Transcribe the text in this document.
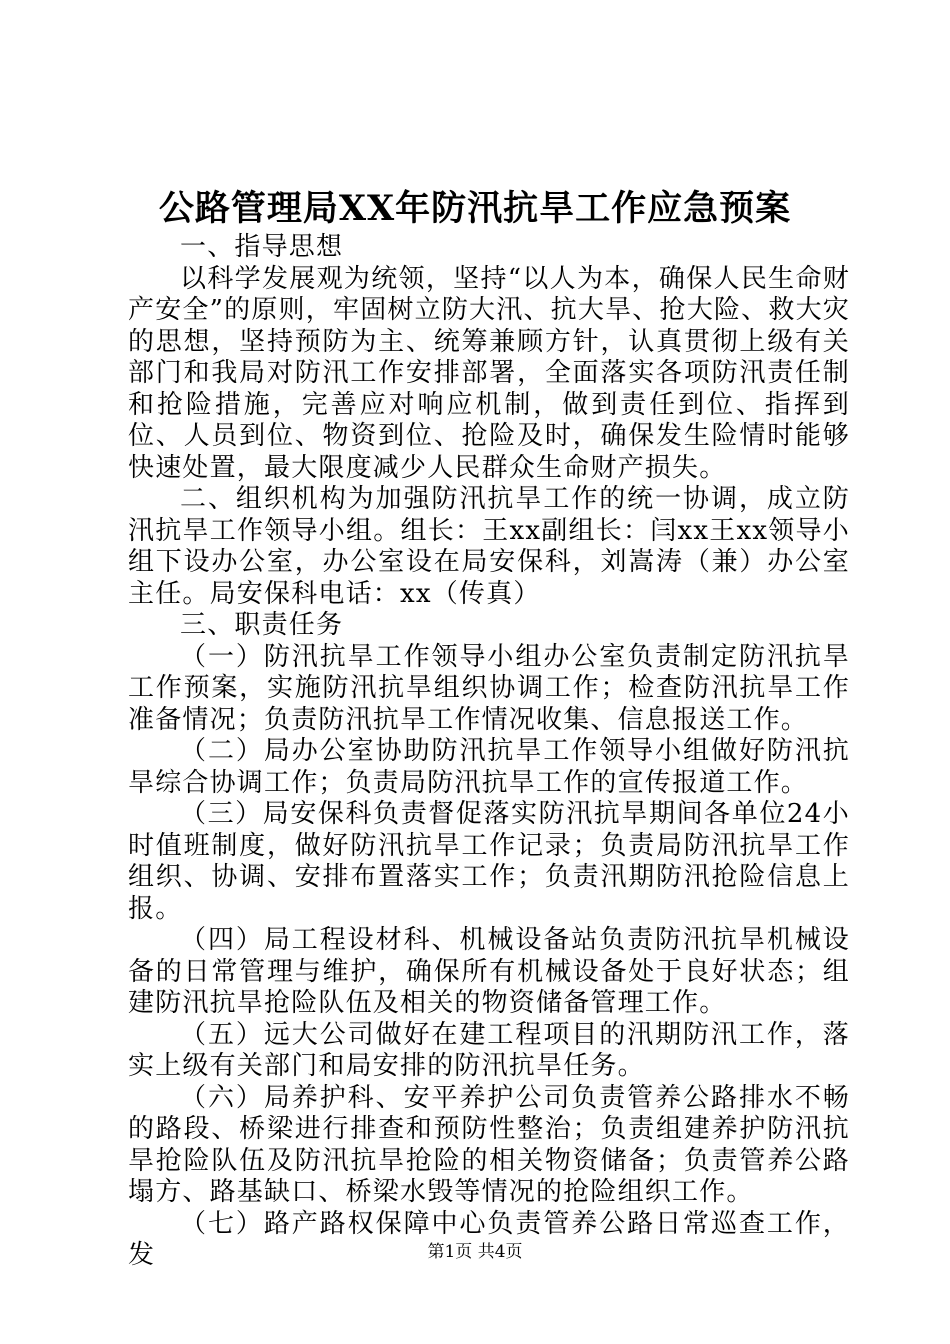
公路管理局XX年防汛抗旱工作应急预案

一、指导思想

以科学发展观为统领，坚持“以人为本，确保人民生命财产安全”的原则，牢固树立防大汛、抗大旱、抢大险、救大灾的思想，坚持预防为主、统筹兼顾方针，认真贯彻上级有关部门和我局对防汛工作安排部署，全面落实各项防汛责任制和抢险措施，完善应对响应机制，做到责任到位、指挥到位、人员到位、物资到位、抢险及时，确保发生险情时能够快速处置，最大限度减少人民群众生命财产损失。

二、组织机构为加强防汛抗旱工作的统一协调，成立防汛抗旱工作领导小组。组长：王xx副组长：闫xx王xx领导小组下设办公室，办公室设在局安保科，刘嵩涛（兼）办公室主任。局安保科电话：xx（传真）

三、职责任务

（一）防汛抗旱工作领导小组办公室负责制定防汛抗旱工作预案，实施防汛抗旱组织协调工作；检查防汛抗旱工作准备情况；负责防汛抗旱工作情况收集、信息报送工作。

（二）局办公室协助防汛抗旱工作领导小组做好防汛抗旱综合协调工作；负责局防汛抗旱工作的宣传报道工作。

（三）局安保科负责督促落实防汛抗旱期间各单位24小时值班制度，做好防汛抗旱工作记录；负责局防汛抗旱工作组织、协调、安排布置落实工作；负责汛期防汛抢险信息上报。

（四）局工程设材科、机械设备站负责防汛抗旱机械设备的日常管理与维护，确保所有机械设备处于良好状态；组建防汛抗旱抢险队伍及相关的物资储备管理工作。

（五）远大公司做好在建工程项目的汛期防汛工作，落实上级有关部门和局安排的防汛抗旱任务。

（六）局养护科、安平养护公司负责管养公路排水不畅的路段、桥梁进行排查和预防性整治；负责组建养护防汛抗旱抢险队伍及防汛抗旱抢险的相关物资储备；负责管养公路塌方、路基缺口、桥梁水毁等情况的抢险组织工作。

（七）路产路权保障中心负责管养公路日常巡查工作，发	第1页 共4页
